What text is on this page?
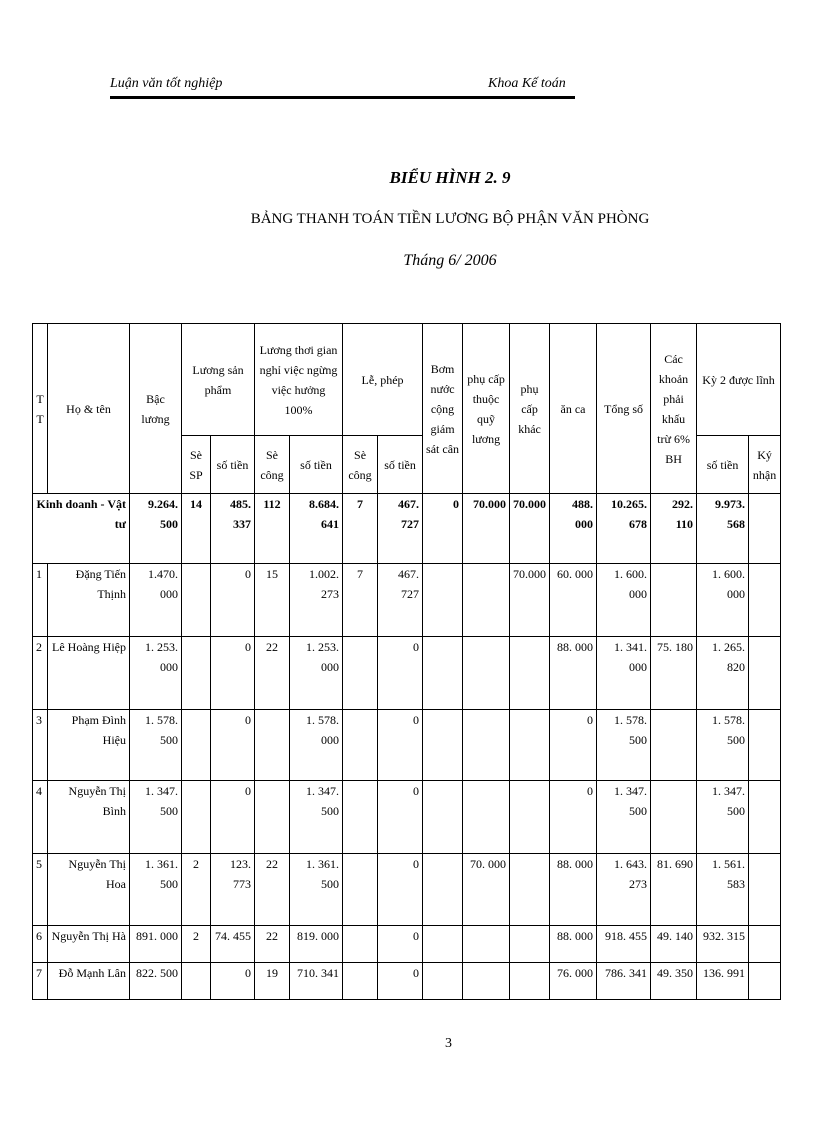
Luận văn tốt nghiệp	Khoa Kế toán
BIỂU HÌNH 2. 9
BẢNG THANH TOÁN TIỀN LƯƠNG BỘ PHẬN VĂN PHÒNG
Tháng 6/ 2006
T T	Họ & tên	Bậc lương	Lương sản phẩm		Lương thơi gian nghỉ việc ngừng việc hưởng 100%		Lễ, phép		Bơm nước cộng giám sát cân	phụ cấp thuộc quỹ lương	phụ cấp khác	ăn ca	Tổng số	Các khoản phải khấu trừ 6% BH	Kỳ 2 được lĩnh	
			Sè SP	số tiền	Sè công	số tiền	Sè công	số tiền							số tiền	Ký nhận
Kinh doanh - Vật tư		9.264. 500	14	485. 337	112	8.684. 641	7	467. 727	0	70.000	70.000	488. 000	10.265. 678	292. 110	9.973. 568	
1	Đặng Tiến Thịnh	1.470. 000		0	15	1.002. 273	7	467. 727			70.000	60. 000	1. 600. 000		1. 600. 000	
2	Lê Hoàng Hiệp	1. 253. 000		0	22	1. 253. 000		0				88. 000	1. 341. 000	75. 180	1. 265. 820	
3	Phạm Đình Hiệu	1. 578. 500		0		1. 578. 000		0				0	1. 578. 500		1. 578. 500	
4	Nguyễn Thị Bình	1. 347. 500		0		1. 347. 500		0				0	1. 347. 500		1. 347. 500	
5	Nguyễn Thị Hoa	1. 361. 500	2	123. 773	22	1. 361. 500		0		70. 000		88. 000	1. 643. 273	81. 690	1. 561. 583	
6	Nguyễn Thị Hà	891. 000	2	74. 455	22	819. 000		0				88. 000	918. 455	49. 140	932. 315	
7	Đỗ Mạnh Lân	822. 500		0	19	710. 341		0				76. 000	786. 341	49. 350	136. 991	
3
